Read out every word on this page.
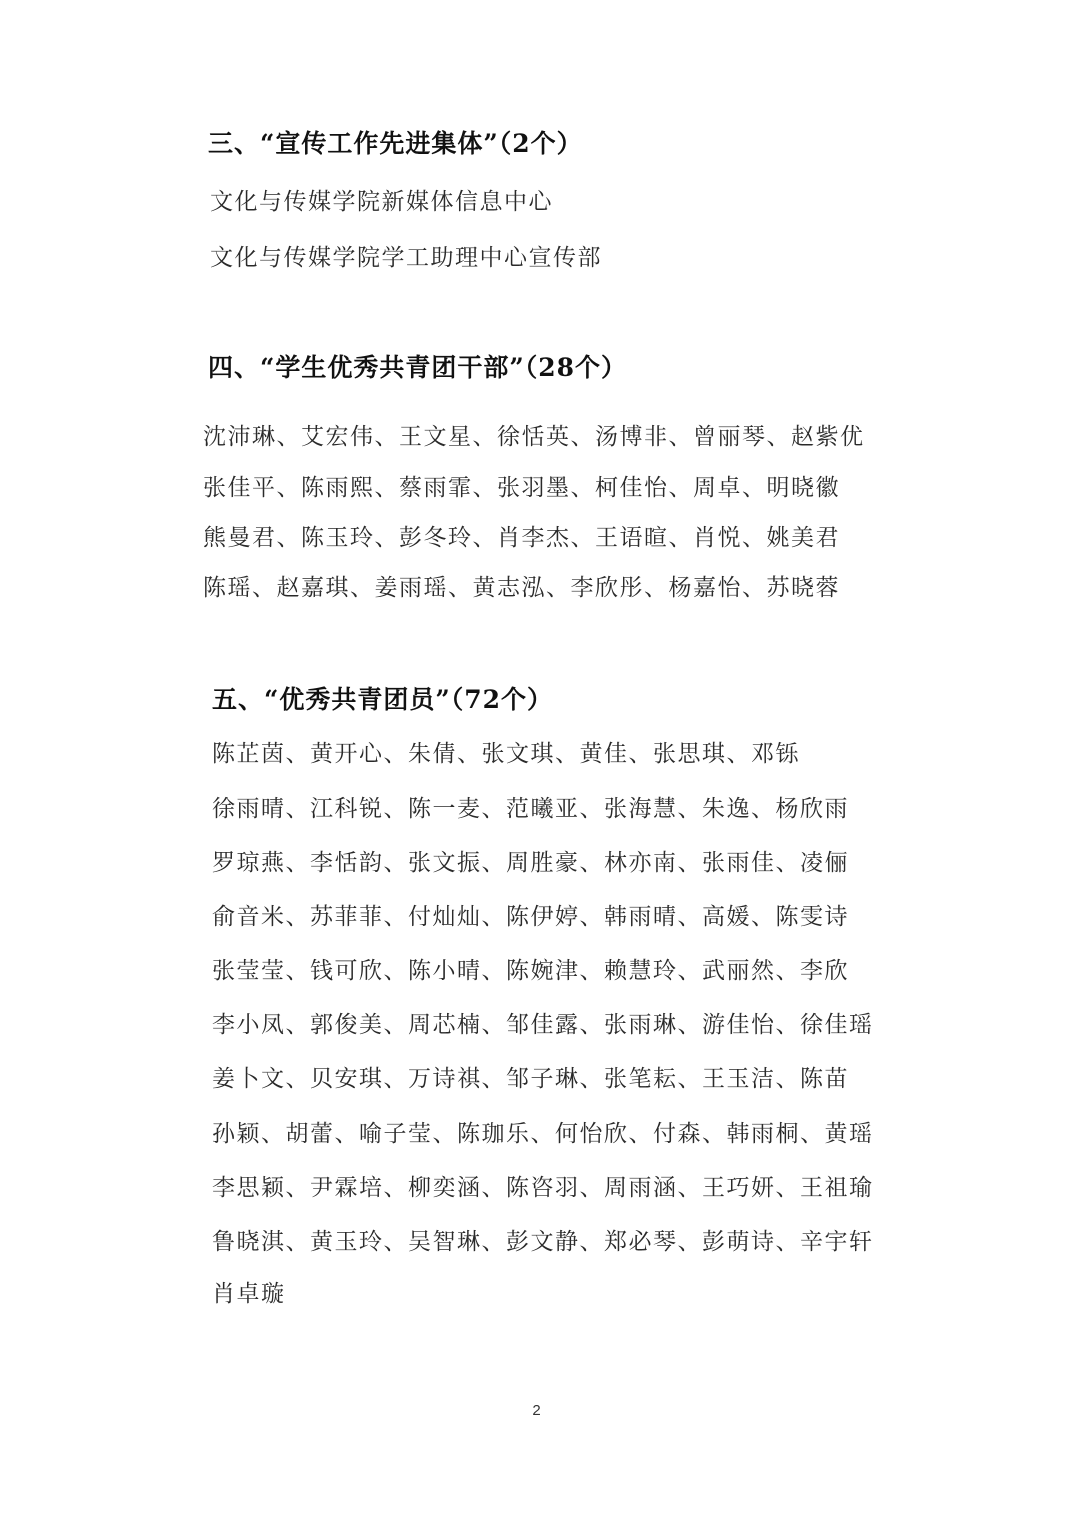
三、“宣传工作先进集体”（2个）
文化与传媒学院新媒体信息中心
文化与传媒学院学工助理中心宣传部
四、“学生优秀共青团干部”（28个）
沈沛琳、艾宏伟、王文星、徐恬英、汤博非、曾丽琴、赵紫优
张佳平、陈雨熙、蔡雨霏、张羽墨、柯佳怡、周卓、明晓徽
熊曼君、陈玉玲、彭冬玲、肖李杰、王语暄、肖悦、姚美君
陈瑶、赵嘉琪、姜雨瑶、黄志泓、李欣彤、杨嘉怡、苏晓蓉
五、“优秀共青团员”（72个）
陈芷茵、黄开心、朱倩、张文琪、黄佳、张思琪、邓铄
徐雨晴、江科锐、陈一麦、范曦亚、张海慧、朱逸、杨欣雨
罗琼燕、李恬韵、张文振、周胜豪、林亦南、张雨佳、凌俪
俞音米、苏菲菲、付灿灿、陈伊婷、韩雨晴、高媛、陈雯诗
张莹莹、钱可欣、陈小晴、陈婉津、赖慧玲、武丽然、李欣
李小凤、郭俊美、周芯楠、邹佳露、张雨琳、游佳怡、徐佳瑶
姜卜文、贝安琪、万诗祺、邹子琳、张笔耘、王玉洁、陈苗
孙颖、胡蕾、喻子莹、陈珈乐、何怡欣、付森、韩雨桐、黄瑶
李思颖、尹霖培、柳奕涵、陈咨羽、周雨涵、王巧妍、王祖瑜
鲁晓淇、黄玉玲、吴智琳、彭文静、郑必琴、彭萌诗、辛宇轩
肖卓璇
2
